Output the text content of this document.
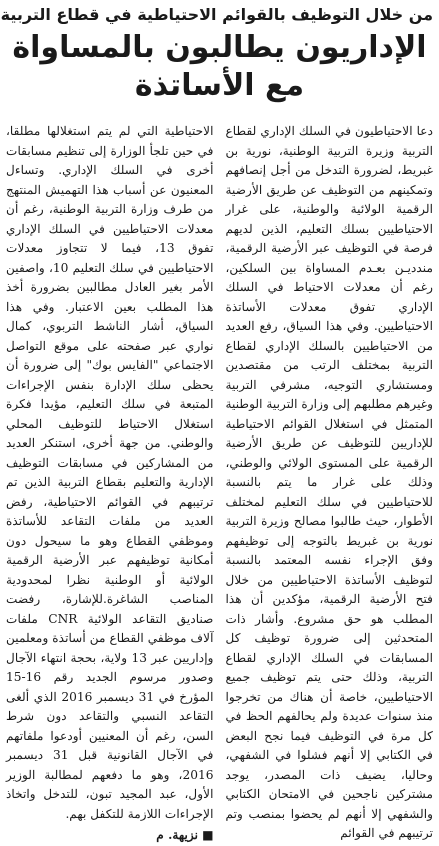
من خلال التوظيف بالقوائم الاحتياطية في قطاع التربية
الإداريون يطالبون بالمساواة
مع الأساتذة

دعا الاحتياطيون في السلك الإداري لقطاع التربية وزيرة التربية الوطنية، نورية بن غبريط، لضرورة التدخل من أجل إنصافهم وتمكينهم من التوظيف عن طريق الأرضية الرقمية الولائية والوطنية، على غرار الاحتياطيين بسلك التعليم، الذين لديهم فرصة في التوظيف عبر الأرضية الرقمية، مندديـن بعـدم المساواة بين السلكين، رغم أن معدلات الاحتياط في السلك الإداري تفوق معدلات الأساتذة الاحتياطيين. وفي هذا السياق، رفع العديد من الاحتياطيين بالسلك الإداري لقطاع التربية بمختلف الرتب من مقتصدين ومستشاري التوجيه، مشرفي التربية وغيرهم مطلبهم إلى وزارة التربية الوطنية المتمثل في استغلال القوائم الاحتياطية للإداريين للتوظيف عن طريق الأرضية الرقمية على المستوى الولائي والوطني، وذلك على غرار ما يتم بالنسبة للاحتياطيين في سلك التعليم لمختلف الأطوار، حيث طالبوا مصالح وزيرة التربية نورية بن غبريط بالتوجه إلى توظيفهم وفق الإجراء نفسه المعتمد بالنسبة لتوظيف الأساتذة الاحتياطيين من خلال فتح الأرضية الرقمية، مؤكدين أن هذا المطلب هو حق مشروع. وأشار ذات المتحدثين إلى ضرورة توظيف كل المسابقات في السلك الإداري لقطاع التربية، وذلك حتى يتم توظيف جميع الاحتياطيين، خاصة أن هناك من تخرجوا منذ سنوات عديدة ولم يحالفهم الحظ في كل مرة في التوظيف فيما نجح البعض في الكتابي إلا أنهم فشلوا في الشفهي، وحاليا، يضيف ذات المصدر، يوجد مشتركين ناجحين في الامتحان الكتابي والشفهي إلا أنهم لم يحضوا بمنصب وتم ترتيبهم في القوائم

الاحتياطية التي لم يتم استغلالها مطلقا، في حين تلجأ الوزارة إلى تنظيم مسابقات أخرى في السلك الإداري. وتساءل المعنيون عن أسباب هذا التهميش المنتهج من طرف وزارة التربية الوطنية، رغم أن معدلات الاحتياطيين في السلك الإداري تفوق 13، فيما لا تتجاوز معدلات الاحتياطيين في سلك التعليم 10، واصفين الأمر بغير العادل مطالبين بضرورة أخذ هذا المطلب بعين الاعتبار. وفي هذا السياق، أشار الناشط التربوي، كمال نواري عبر صفحته على موقع التواصل الاجتماعي "الفايس بوك" إلى ضرورة أن يحظى سلك الإدارة بنفس الإجراءات المتبعة في سلك التعليم، مؤيدا فكرة استغلال الاحتياط للتوظيف المحلي والوطني. من جهة أخرى، استنكر العديد من المشاركين في مسابقات التوظيف الإدارية والتعليم بقطاع التربية الذين تم ترتيبهم في القوائم الاحتياطية، رفض العديد من ملفات التقاعد للأساتذة وموظفي القطاع وهو ما سيحول دون أمكانية توظيفهم عبر الأرضية الرقمية الولائية أو الوطنية نظرا لمحدودية المناصب الشاغرة.للإشارة، رفضت صناديق التقاعد الولائية CNR ملفات آلاف موظفي القطاع من أساتذة ومعلمين وإداريين عبر 13 ولاية، بحجة انتهاء الآجال وصدور مرسوم الجديد رقم 16-15 المؤرخ في 31 ديسمبر 2016 الذي ألغى التقاعد النسبي والتقاعد دون شرط السن، رغم أن المعنيين أودعوا ملفاتهم في الآجال القانونية قبل 31 ديسمبر 2016، وهو ما دفعهم لمطالبة الوزير الأول، عبد المجيد تبون، للتدخل واتخاذ الإجراءات اللازمة للتكفل بهم.

■نزيهة. م
